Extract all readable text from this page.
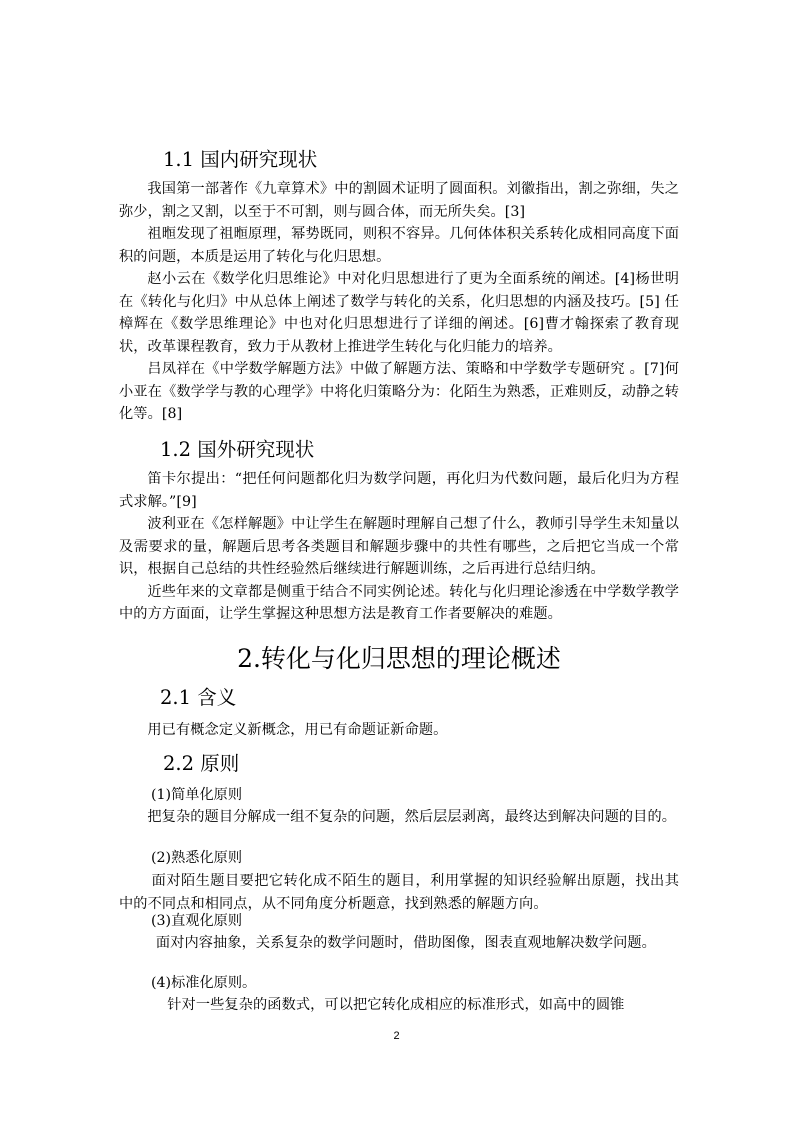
1.1 国内研究现状

我国第一部著作《九章算术》中的割圆术证明了圆面积。刘徽指出，割之弥细，失之弥少，割之又割，以至于不可割，则与圆合体，而无所失矣。[3]

祖暅发现了祖暅原理，幂势既同，则积不容异。几何体体积关系转化成相同高度下面积的问题，本质是运用了转化与化归思想。

赵小云在《数学化归思维论》中对化归思想进行了更为全面系统的阐述。[4]杨世明在《转化与化归》中从总体上阐述了数学与转化的关系，化归思想的内涵及技巧。[5] 任樟辉在《数学思维理论》中也对化归思想进行了详细的阐述。[6]曹才翰探索了教育现状，改革课程教育，致力于从教材上推进学生转化与化归能力的培养。

吕凤祥在《中学数学解题方法》中做了解题方法、策略和中学数学专题研究 。[7]何小亚在《数学学与教的心理学》中将化归策略分为：化陌生为熟悉，正难则反，动静之转化等。[8]

1.2 国外研究现状

笛卡尔提出：“把任何问题都化归为数学问题，再化归为代数问题，最后化归为方程式求解。”[9]

波利亚在《怎样解题》中让学生在解题时理解自己想了什么，教师引导学生未知量以及需要求的量，解题后思考各类题目和解题步骤中的共性有哪些，之后把它当成一个常识，根据自己总结的共性经验然后继续进行解题训练，之后再进行总结归纳。

近些年来的文章都是侧重于结合不同实例论述。转化与化归理论渗透在中学数学教学中的方方面面，让学生掌握这种思想方法是教育工作者要解决的难题。

2.转化与化归思想的理论概述
2.1 含义

用已有概念定义新概念，用已有命题证新命题。

2.2 原则

(1)简单化原则

把复杂的题目分解成一组不复杂的问题，然后层层剥离，最终达到解决问题的目的。

(2)熟悉化原则

面对陌生题目要把它转化成不陌生的题目，利用掌握的知识经验解出原题，找出其中的不同点和相同点，从不同角度分析题意，找到熟悉的解题方向。

(3)直观化原则

面对内容抽象，关系复杂的数学问题时，借助图像，图表直观地解决数学问题。

(4)标准化原则。

针对一些复杂的函数式，可以把它转化成相应的标准形式，如高中的圆锥

2
